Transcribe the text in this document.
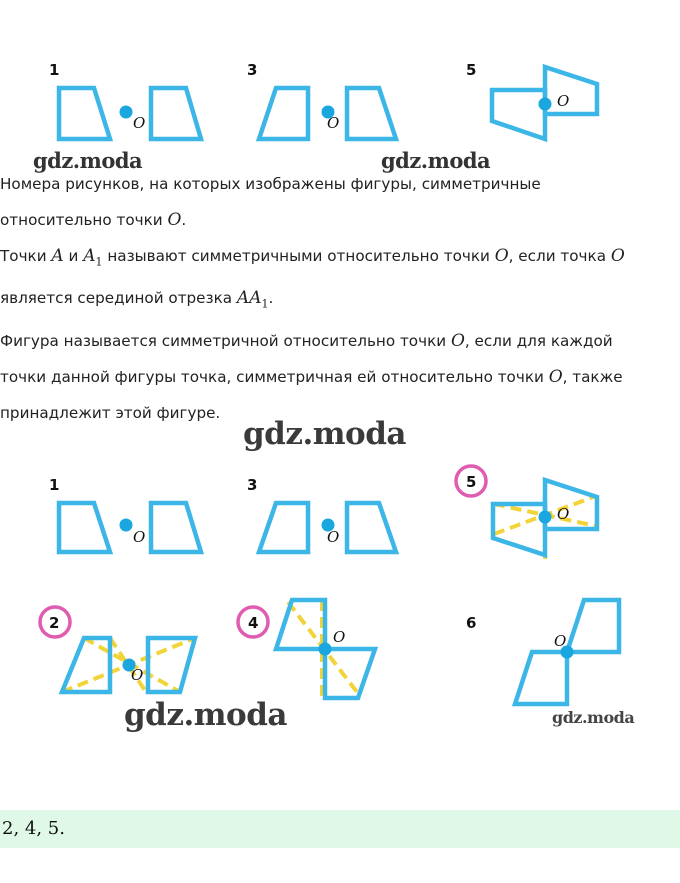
1	3	5
O	O
O
gdz.moda	gdz.moda

Номера рисунков, на которых изображены фигуры, симметричные

относительно точки O.

Точки A и $A_1$ называют симметричными относительно точки O, если точка O

является серединой отрезка $AA_1$.

Фигура называется симметричной относительно точки O, если для каждой

точки данной фигуры точка, симметричная ей относительно точки O, также

принадлежит этой фигуре.

gdz.moda
1	3	5
2	4	6
O	O
O
O
O	O
gdz.moda	gdz.moda
2, 4, 5.
